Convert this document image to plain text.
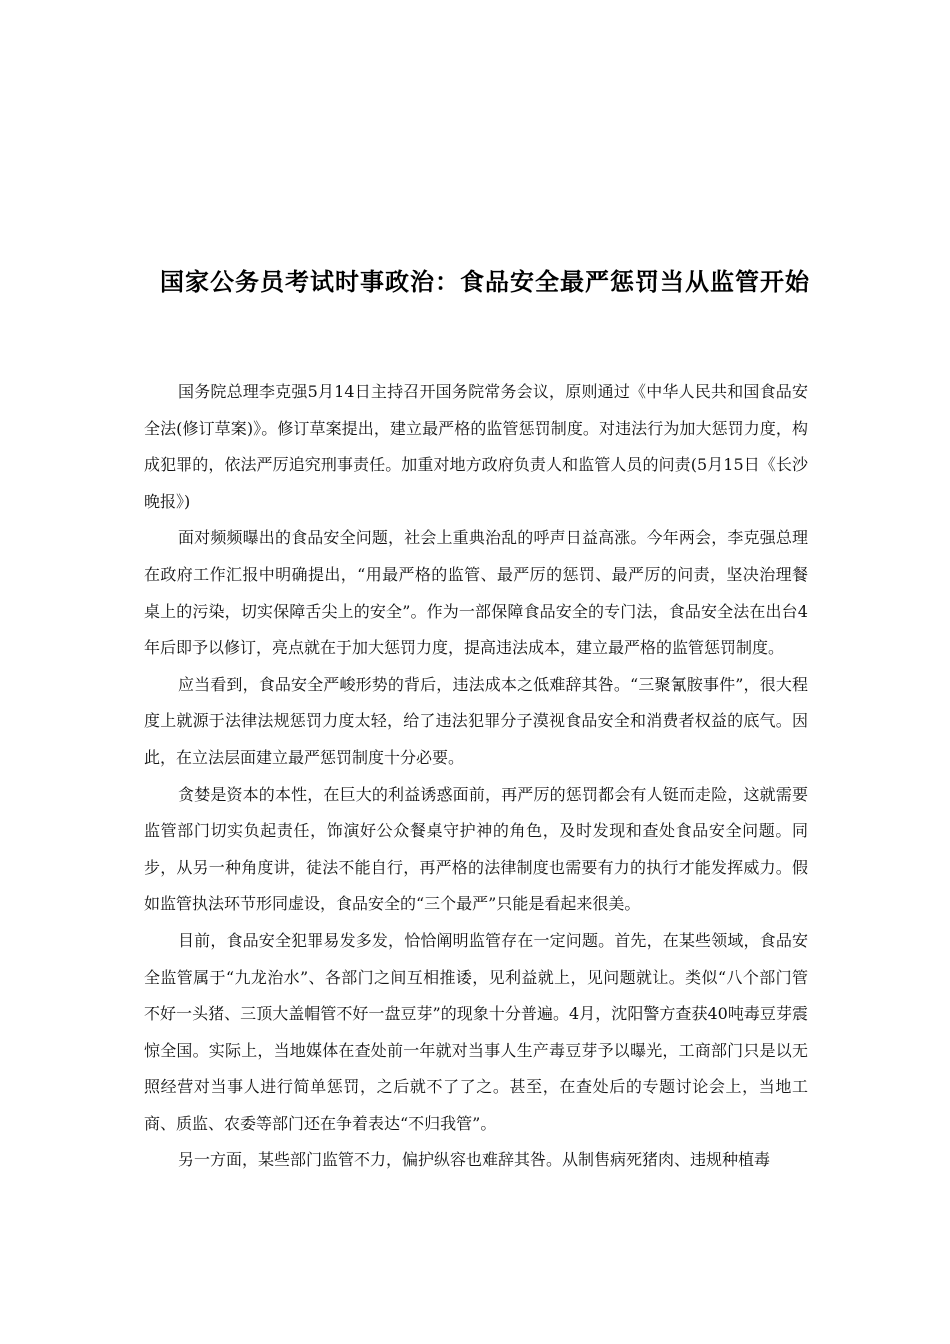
国家公务员考试时事政治：食品安全最严惩罚当从监管开始

国务院总理李克强5月14日主持召开国务院常务会议，原则通过《中华人民共和国食品安全法(修订草案)》。修订草案提出，建立最严格的监管惩罚制度。对违法行为加大惩罚力度，构成犯罪的，依法严厉追究刑事责任。加重对地方政府负责人和监管人员的问责(5月15日《长沙晚报》)

面对频频曝出的食品安全问题，社会上重典治乱的呼声日益高涨。今年两会，李克强总理在政府工作汇报中明确提出，“用最严格的监管、最严厉的惩罚、最严厉的问责，坚决治理餐桌上的污染，切实保障舌尖上的安全”。作为一部保障食品安全的专门法，食品安全法在出台4年后即予以修订，亮点就在于加大惩罚力度，提高违法成本，建立最严格的监管惩罚制度。

应当看到，食品安全严峻形势的背后，违法成本之低难辞其咎。“三聚氰胺事件”，很大程度上就源于法律法规惩罚力度太轻，给了违法犯罪分子漠视食品安全和消费者权益的底气。因此，在立法层面建立最严惩罚制度十分必要。

贪婪是资本的本性，在巨大的利益诱惑面前，再严厉的惩罚都会有人铤而走险，这就需要监管部门切实负起责任，饰演好公众餐桌守护神的角色，及时发现和查处食品安全问题。同步，从另一种角度讲，徒法不能自行，再严格的法律制度也需要有力的执行才能发挥威力。假如监管执法环节形同虚设，食品安全的“三个最严”只能是看起来很美。

目前，食品安全犯罪易发多发，恰恰阐明监管存在一定问题。首先，在某些领域，食品安全监管属于“九龙治水”、各部门之间互相推诿，见利益就上，见问题就让。类似“八个部门管不好一头猪、三顶大盖帽管不好一盘豆芽”的现象十分普遍。4月，沈阳警方查获40吨毒豆芽震惊全国。实际上，当地媒体在查处前一年就对当事人生产毒豆芽予以曝光，工商部门只是以无照经营对当事人进行简单惩罚，之后就不了了之。甚至，在查处后的专题讨论会上，当地工商、质监、农委等部门还在争着表达“不归我管”。

另一方面，某些部门监管不力，偏护纵容也难辞其咎。从制售病死猪肉、违规种植毒
